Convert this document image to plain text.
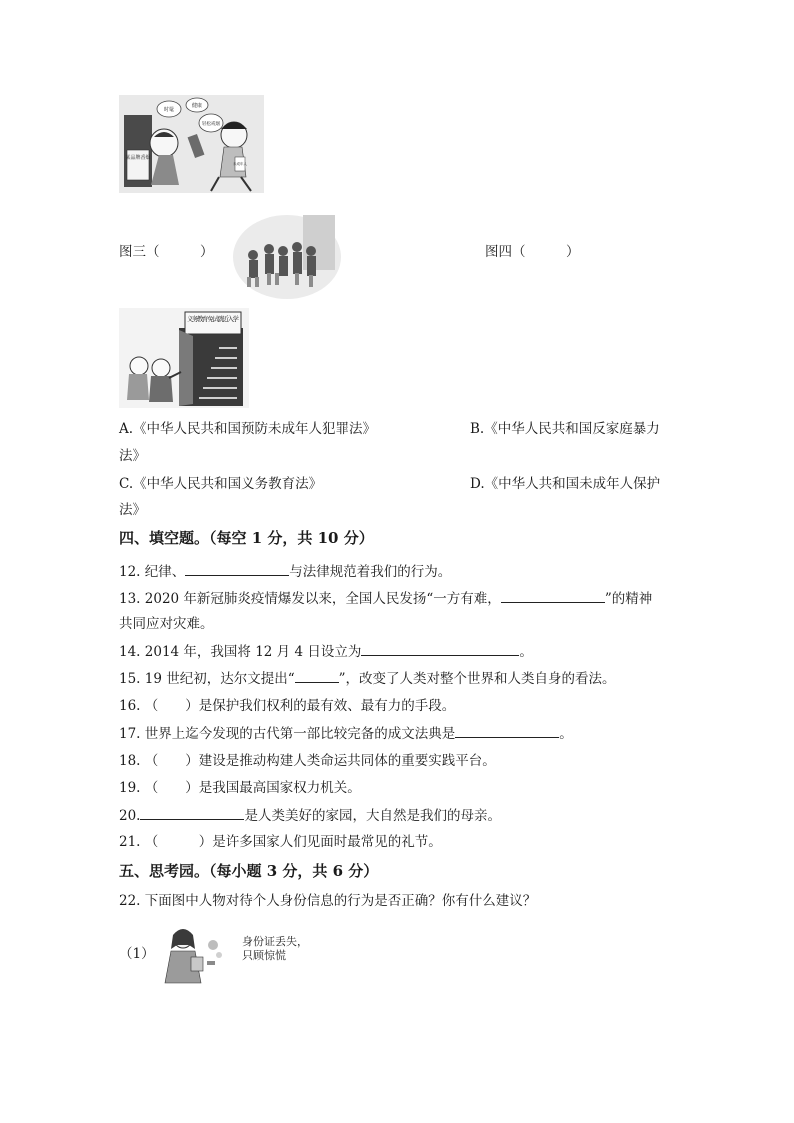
某品牌香烟
时髦
健康
轻松戒烟
未成年人
图三（　　　）	图四（　　　）
义务教育 免试就近入学
A.《中华人民共和国预防未成年人犯罪法》	B.《中华人民共和国反家庭暴力
法》
C.《中华人民共和国义务教育法》	D.《中华人共和国未成年人保护
法》
四、填空题。（每空 1 分，共 10 分）
12. 纪律、	与法律规范着我们的行为。
13. 2020 年新冠肺炎疫情爆发以来，全国人民发扬“一方有难，	”的精神
共同应对灾难。
14. 2014 年，我国将 12 月 4 日设立为	。
15. 19 世纪初，达尔文提出“	”，改变了人类对整个世界和人类自身的看法。
16. （　　）是保护我们权利的最有效、最有力的手段。
17. 世界上迄今发现的古代第一部比较完备的成文法典是	。
18. （　　）建设是推动构建人类命运共同体的重要实践平台。
19. （　　）是我国最高国家权力机关。
20.	是人类美好的家园，大自然是我们的母亲。
21. （　　　）是许多国家人们见面时最常见的礼节。
五、思考园。（每小题 3 分，共 6 分）
22. 下面图中人物对待个人身份信息的行为是否正确？你有什么建议？
（1）
身份证丢失，
只顾惊慌
